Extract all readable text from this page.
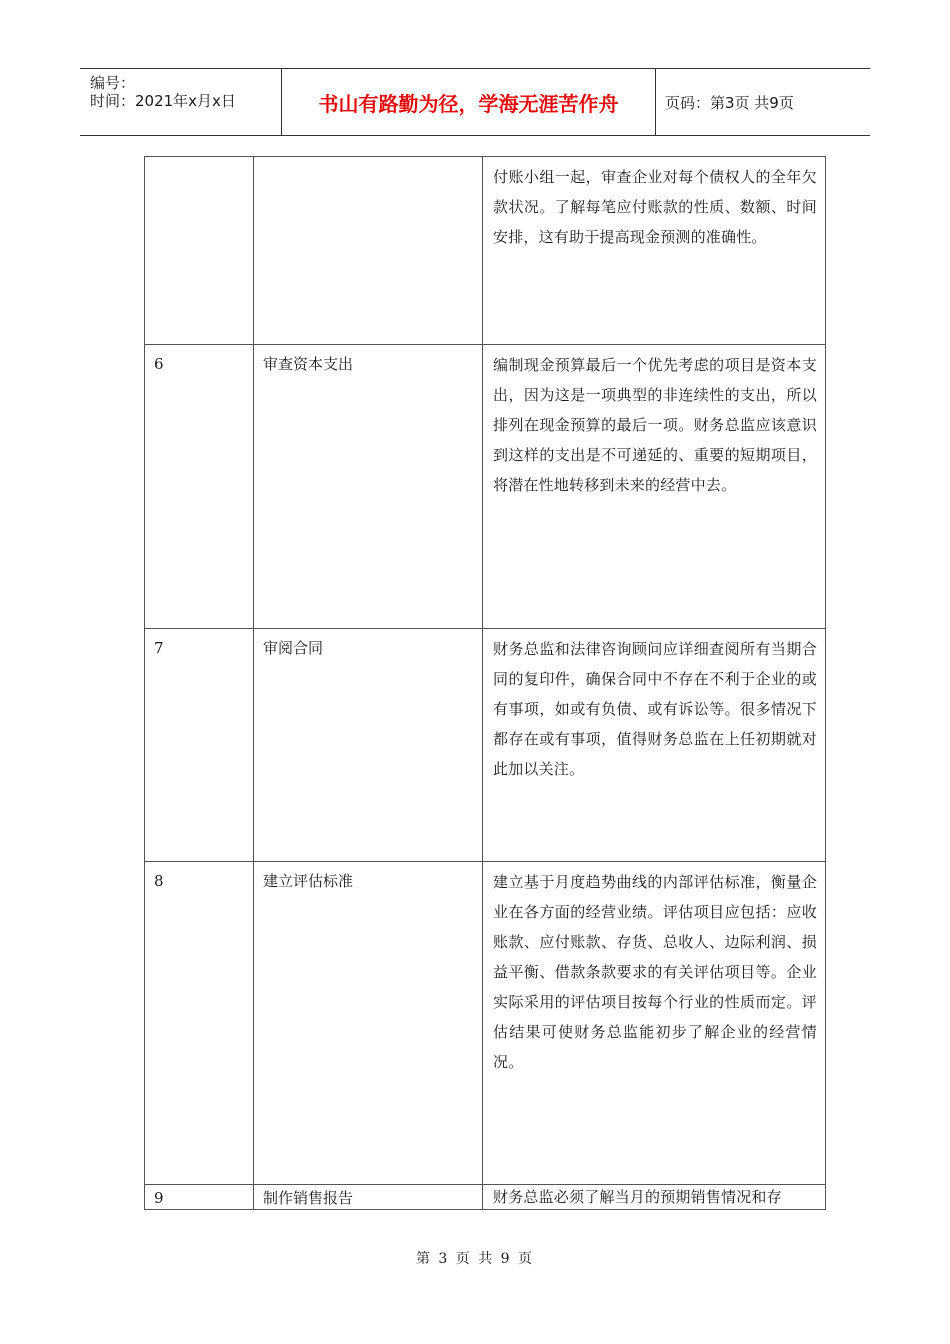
编号：
时间：2021年x月x日	书山有路勤为径，学海无涯苦作舟	页码：第3页 共9页

		付账小组一起，审查企业对每个债权人的全年欠款状况。了解每笔应付账款的性质、数额、时间安排，这有助于提高现金预测的准确性。

6	审查资本支出	编制现金预算最后一个优先考虑的项目是资本支出，因为这是一项典型的非连续性的支出，所以排列在现金预算的最后一项。财务总监应该意识到这样的支出是不可递延的、重要的短期项目，将潜在性地转移到未来的经营中去。

7	审阅合同	财务总监和法律咨询顾问应详细查阅所有当期合同的复印件，确保合同中不存在不利于企业的或有事项，如或有负债、或有诉讼等。很多情况下都存在或有事项，值得财务总监在上任初期就对此加以关注。

8	建立评估标准	建立基于月度趋势曲线的内部评估标准，衡量企业在各方面的经营业绩。评估项目应包括：应收账款、应付账款、存货、总收人、边际利润、损益平衡、借款条款要求的有关评估项目等。企业实际采用的评估项目按每个行业的性质而定。评估结果可使财务总监能初步了解企业的经营情况。

9	制作销售报告	财务总监必须了解当月的预期销售情况和存
第 3 页 共 9 页
